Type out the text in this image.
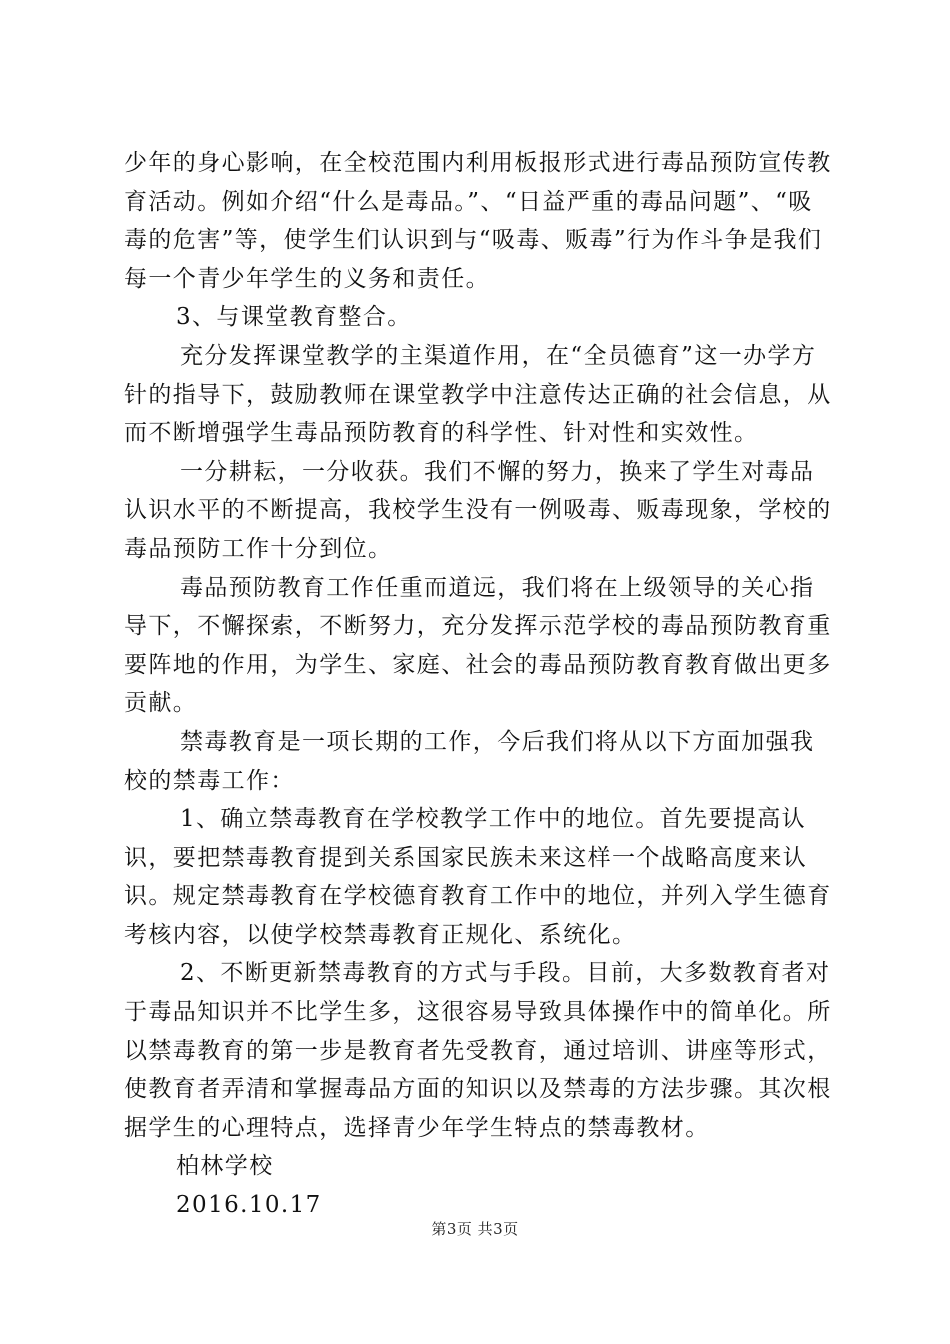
少年的身心影响，在全校范围内利用板报形式进行毒品预防宣传教育活动。例如介绍“什么是毒品。”、“日益严重的毒品问题”、“吸毒的危害”等，使学生们认识到与“吸毒、贩毒”行为作斗争是我们每一个青少年学生的义务和责任。

3、与课堂教育整合。

充分发挥课堂教学的主渠道作用，在“全员德育”这一办学方针的指导下，鼓励教师在课堂教学中注意传达正确的社会信息，从而不断增强学生毒品预防教育的科学性、针对性和实效性。

一分耕耘，一分收获。我们不懈的努力，换来了学生对毒品认识水平的不断提高，我校学生没有一例吸毒、贩毒现象，学校的毒品预防工作十分到位。

毒品预防教育工作任重而道远，我们将在上级领导的关心指导下，不懈探索，不断努力，充分发挥示范学校的毒品预防教育重要阵地的作用，为学生、家庭、社会的毒品预防教育教育做出更多贡献。

禁毒教育是一项长期的工作，今后我们将从以下方面加强我校的禁毒工作：

1、确立禁毒教育在学校教学工作中的地位。首先要提高认识，要把禁毒教育提到关系国家民族未来这样一个战略高度来认识。规定禁毒教育在学校德育教育工作中的地位，并列入学生德育考核内容，以使学校禁毒教育正规化、系统化。

2、不断更新禁毒教育的方式与手段。目前，大多数教育者对于毒品知识并不比学生多，这很容易导致具体操作中的简单化。所以禁毒教育的第一步是教育者先受教育，通过培训、讲座等形式，使教育者弄清和掌握毒品方面的知识以及禁毒的方法步骤。其次根据学生的心理特点，选择青少年学生特点的禁毒教材。

柏林学校

2016.10.17

第3页 共3页
